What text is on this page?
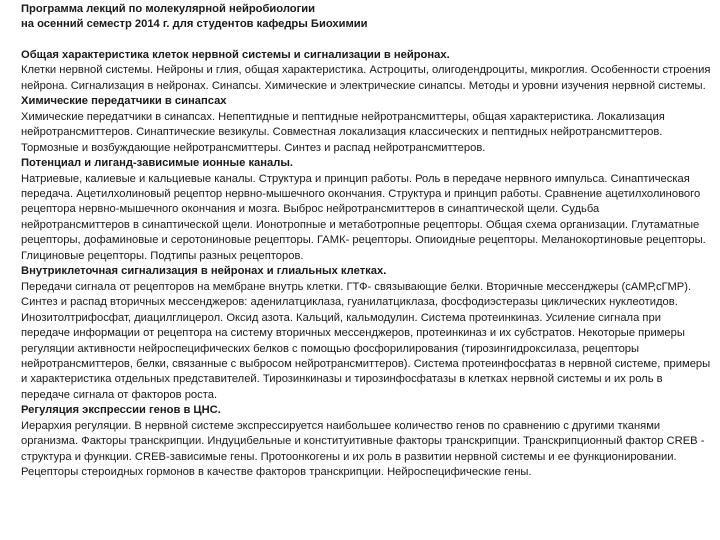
Программа лекций по молекулярной нейробиологии
на осенний семестр 2014 г. для студентов кафедры Биохимии
Общая характеристика клеток нервной системы и сигнализации в нейронах.
Клетки нервной системы. Нейроны и глия, общая характеристика. Астроциты, олигодендроциты, микроглия. Особенности строения нейрона. Сигнализация в нейронах. Синапсы. Химические и электрические синапсы. Методы и уровни изучения нервной системы.
Химические передатчики в синапсах
Химические передатчики в синапсах. Непептидные и пептидные нейротрансмиттеры, общая характеристика. Локализация нейротрансмиттеров. Синаптические везикулы. Совместная локализация классических и пептидных нейротрансмиттеров. Тормозные и возбуждающие нейротрансмиттеры. Синтез и распад нейротрансмиттеров.
Потенциал и лиганд-зависимые ионные каналы.
Натриевые, калиевые и кальциевые каналы. Структура и принцип работы. Роль в передаче нервного импульса. Синаптическая передача. Ацетилхолиновый рецептор нервно-мышечного окончания. Структура и принцип работы. Сравнение ацетилхолинового рецептора нервно-мышечного окончания и мозга. Выброс нейротрансмиттеров в синаптической щели. Судьба нейротрансмиттеров в синаптической щели. Ионотропные и метаботропные рецепторы. Общая схема организации. Глутаматные рецепторы, дофаминовые и серотониновые рецепторы. ГАМК- рецепторы. Опиоидные рецепторы. Меланокортиновые рецепторы. Глициновые рецепторы. Подтипы разных рецепторов.
Внутриклеточная сигнализация в нейронах и глиальных клетках.
Передачи сигнала от рецепторов на мембране внутрь клетки. ГТФ- связывающие белки. Вторичные мессенджеры (сАМР,сГМР). Синтез и распад вторичных мессенджеров: аденилатциклаза, гуанилатциклаза, фосфодиэстеразы циклических нуклеотидов. Инозитолтрифосфат, диацилглицерол. Оксид азота. Кальций, кальмодулин. Система протеинкиназ. Усиление сигнала при передаче информации от рецептора на систему вторичных мессенджеров, протеинкиназ и их субстратов. Некоторые примеры регуляции активности нейроспецифических белков с помощью фосфорилирования (тирозингидроксилаза, рецепторы нейротрансмиттеров, белки, связанные с выбросом нейротрансмиттеров). Система протеинфосфатаз в нервной системе, примеры и характеристика отдельных представителей. Тирозинкиназы и тирозинфосфатазы в клетках нервной системы и их роль в передаче сигнала от факторов роста.
Регуляция экспрессии генов в ЦНС.
Иерархия регуляции. В нервной системе экспрессируется наибольшее количество генов по сравнению с другими тканями организма. Факторы транскрипции. Индуцибельные и конституитивные факторы транскрипции. Транскрипционный фактор CREB - структура и функции. CREB-зависимые гены. Протоонкогены и их роль в развитии нервной системы и ее функционировании. Рецепторы стероидных гормонов в качестве факторов транскрипции. Нейроспецифические гены.
